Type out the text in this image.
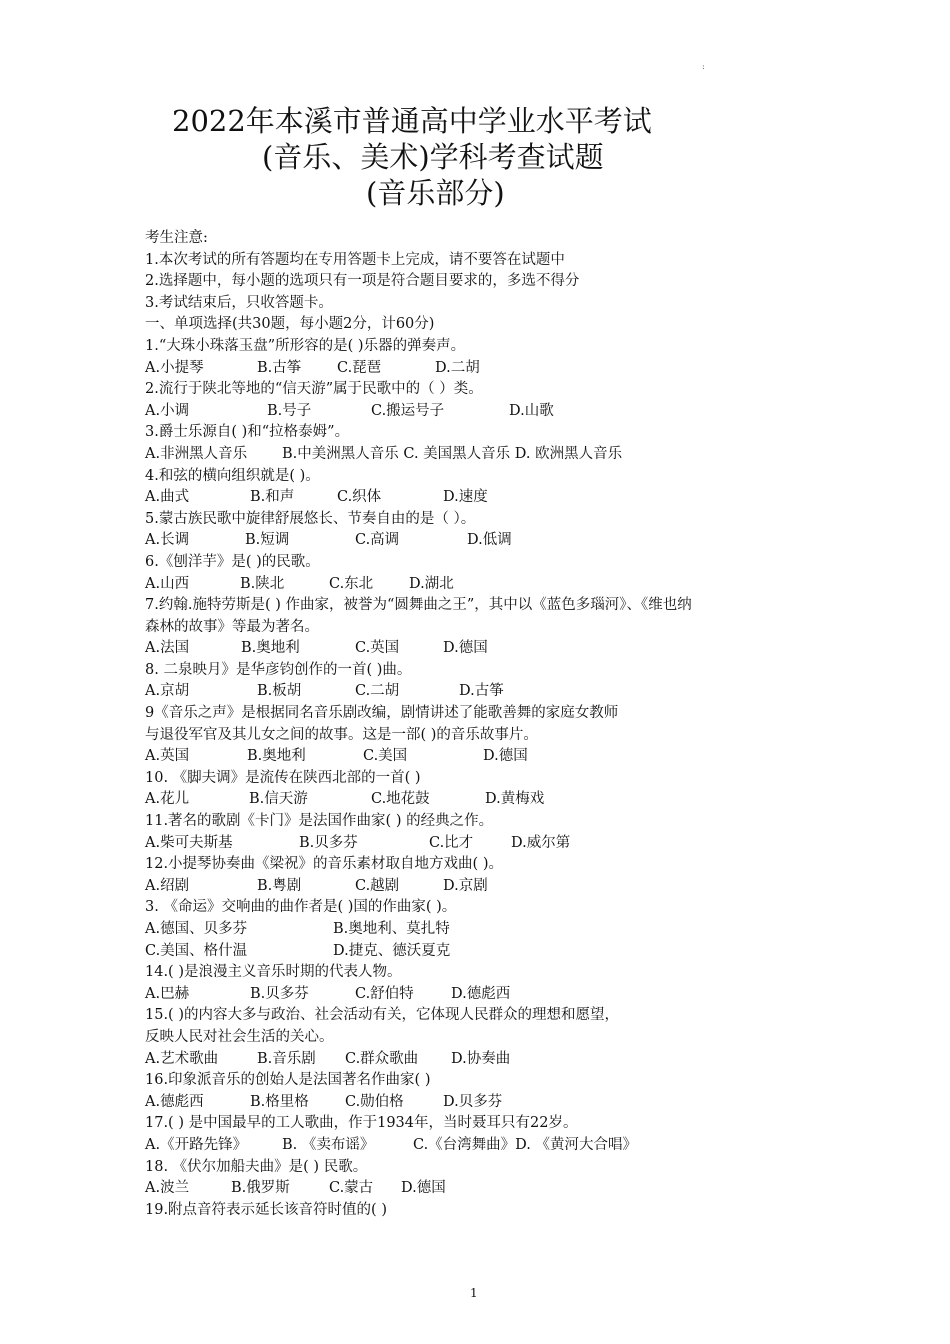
:
2022年本溪市普通高中学业水平考试
(音乐、美术)学科考查试题
(音乐部分)
考生注意:
1.本次考试的所有答题均在专用答题卡上完成，请不要答在试题中
2.选择题中，每小题的选项只有一项是符合题目要求的，多选不得分
3.考试结束后，只收答题卡。
一、单项选择(共30题，每小题2分，计60分)
1.“大珠小珠落玉盘”所形容的是( )乐器的弹奏声。
A.小提琴	B.古筝 C.琵琶	D.二胡
2.流行于陕北等地的“信天游”属于民歌中的（ ）类。
A.小调	B.号子	C.搬运号子	D.山歌
3.爵士乐源自( )和“拉格泰姆”。
A.非洲黑人音乐 B.中美洲黑人音乐 C. 美国黑人音乐 D. 欧洲黑人音乐
4.和弦的横向组织就是( )。
A.曲式	B.和声	C.织体	D.速度
5.蒙古族民歌中旋律舒展悠长、节奏自由的是（ ）。
A.长调	B.短调	C.高调	D.低调
6.《刨洋芋》是( )的民歌。
A.山西	B.陕北	C.东北 D.湖北
7.约翰.施特劳斯是( ) 作曲家，被誉为“圆舞曲之王”，其中以《蓝色多瑙河》、《维也纳
森林的故事》等最为著名。
A.法国	B.奥地利	C.英国	D.德国
8. 二泉映月》是华彦钧创作的一首( )曲。
A.京胡	B.板胡	C.二胡	D.古筝
9《音乐之声》是根据同名音乐剧改编，剧情讲述了能歌善舞的家庭女教师
与退役军官及其儿女之间的故事。这是一部( )的音乐故事片。
A.英国	B.奥地利	C.美国	D.德国
10. 《脚夫调》是流传在陕西北部的一首( )
A.花儿	B.信天游	C.地花鼓	D.黄梅戏
11.著名的歌剧《卡门》是法国作曲家( ) 的经典之作。
A.柴可夫斯基	B.贝多芬	C.比才	D.威尔第
12.小提琴协奏曲《梁祝》的音乐素材取自地方戏曲( )。
A.绍剧	B.粤剧	C.越剧	D.京剧
3. 《命运》交响曲的曲作者是( )国的作曲家( )。
A.德国、贝多芬	B.奥地利、莫扎特
C.美国、格什温	D.捷克、德沃夏克
14.( )是浪漫主义音乐时期的代表人物。
A.巴赫	B.贝多芬	C.舒伯特	D.德彪西
15.( )的内容大多与政治、社会活动有关，它体现人民群众的理想和愿望，
反映人民对社会生活的关心。
A.艺术歌曲	B.音乐剧 C.群众歌曲 D.协奏曲
16.印象派音乐的创始人是法国著名作曲家( )
A.德彪西	B.格里格 C.勋伯格	D.贝多芬
17.( ) 是中国最早的工人歌曲，作于1934年，当时聂耳只有22岁。
A.《开路先锋》 B. 《卖布谣》	C.《台湾舞曲》D. 《黄河大合唱》
18. 《伏尔加船夫曲》是( ) 民歌。
A.波兰	B.俄罗斯	C.蒙古 D.德国
19.附点音符表示延长该音符时值的( )
1
